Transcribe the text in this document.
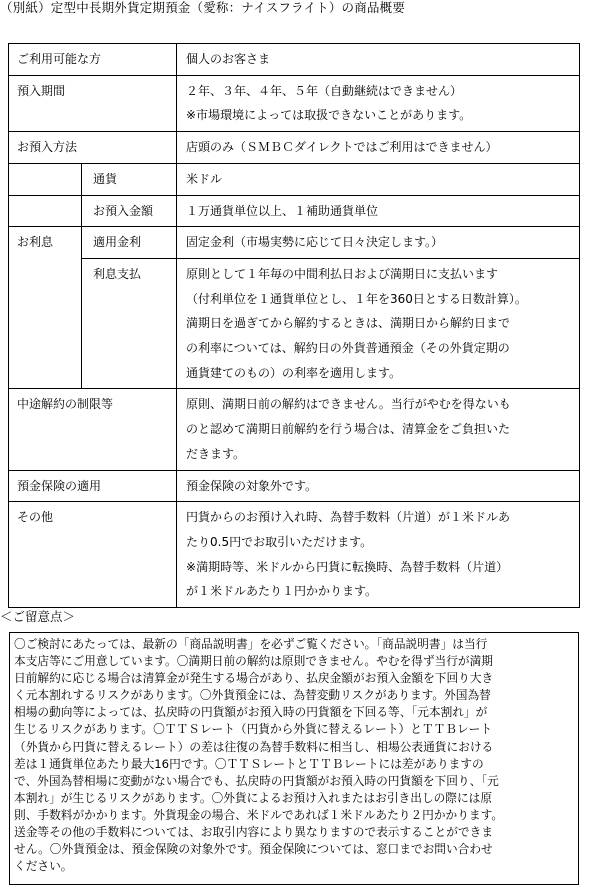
（別紙）定型中長期外貨定期預金（愛称：ナイスフライト）の商品概要
ご利用可能な方		個人のお客さま

預入期間		２年、３年、４年、５年（自動継続はできません）
※市場環境によっては取扱できないことがあります。

お預入方法		店頭のみ（ＳＭＢＣダイレクトではご利用はできません）

	通貨	米ドル

	お預入金額	１万通貨単位以上、１補助通貨単位

お利息	適用金利	固定金利（市場実勢に応じて日々決定します。）

	利息支払	原則として１年毎の中間利払日および満期日に支払います
（付利単位を１通貨単位とし、１年を360日とする日数計算）。
満期日を過ぎてから解約するときは、満期日から解約日まで
の利率については、解約日の外貨普通預金（その外貨定期の
通貨建てのもの）の利率を適用します。

中途解約の制限等		原則、満期日前の解約はできません。当行がやむを得ないも
のと認めて満期日前解約を行う場合は、清算金をご負担いた
だきます。

預金保険の適用		預金保険の対象外です。

その他		円貨からのお預け入れ時、為替手数料（片道）が１米ドルあ
たり0.5円でお取引いただけます。
※満期時等、米ドルから円貨に転換時、為替手数料（片道）
が１米ドルあたり１円かかります。
＜ご留意点＞
〇ご検討にあたっては、最新の「商品説明書」を必ずご覧ください。「商品説明書」は当行
本支店等にご用意しています。〇満期日前の解約は原則できません。やむを得ず当行が満期
日前解約に応じる場合は清算金が発生する場合があり、払戻金額がお預入金額を下回り大き
く元本割れするリスクがあります。〇外貨預金には、為替変動リスクがあります。外国為替
相場の動向等によっては、払戻時の円貨額がお預入時の円貨額を下回る等、「元本割れ」が
生じるリスクがあります。〇ＴＴＳレート（円貨から外貨に替えるレート）とＴＴＢレート
（外貨から円貨に替えるレート）の差は往復の為替手数料に相当し、相場公表通貨における
差は１通貨単位あたり最大16円です。〇ＴＴＳレートとＴＴＢレートには差がありますの
で、外国為替相場に変動がない場合でも、払戻時の円貨額がお預入時の円貨額を下回り、「元
本割れ」が生じるリスクがあります。〇外貨によるお預け入れまたはお引き出しの際には原
則、手数料がかかります。外貨現金の場合、米ドルであれば１米ドルあたり２円かかります。
送金等その他の手数料については、お取引内容により異なりますので表示することができま
せん。〇外貨預金は、預金保険の対象外です。預金保険については、窓口までお問い合わせ
ください。
